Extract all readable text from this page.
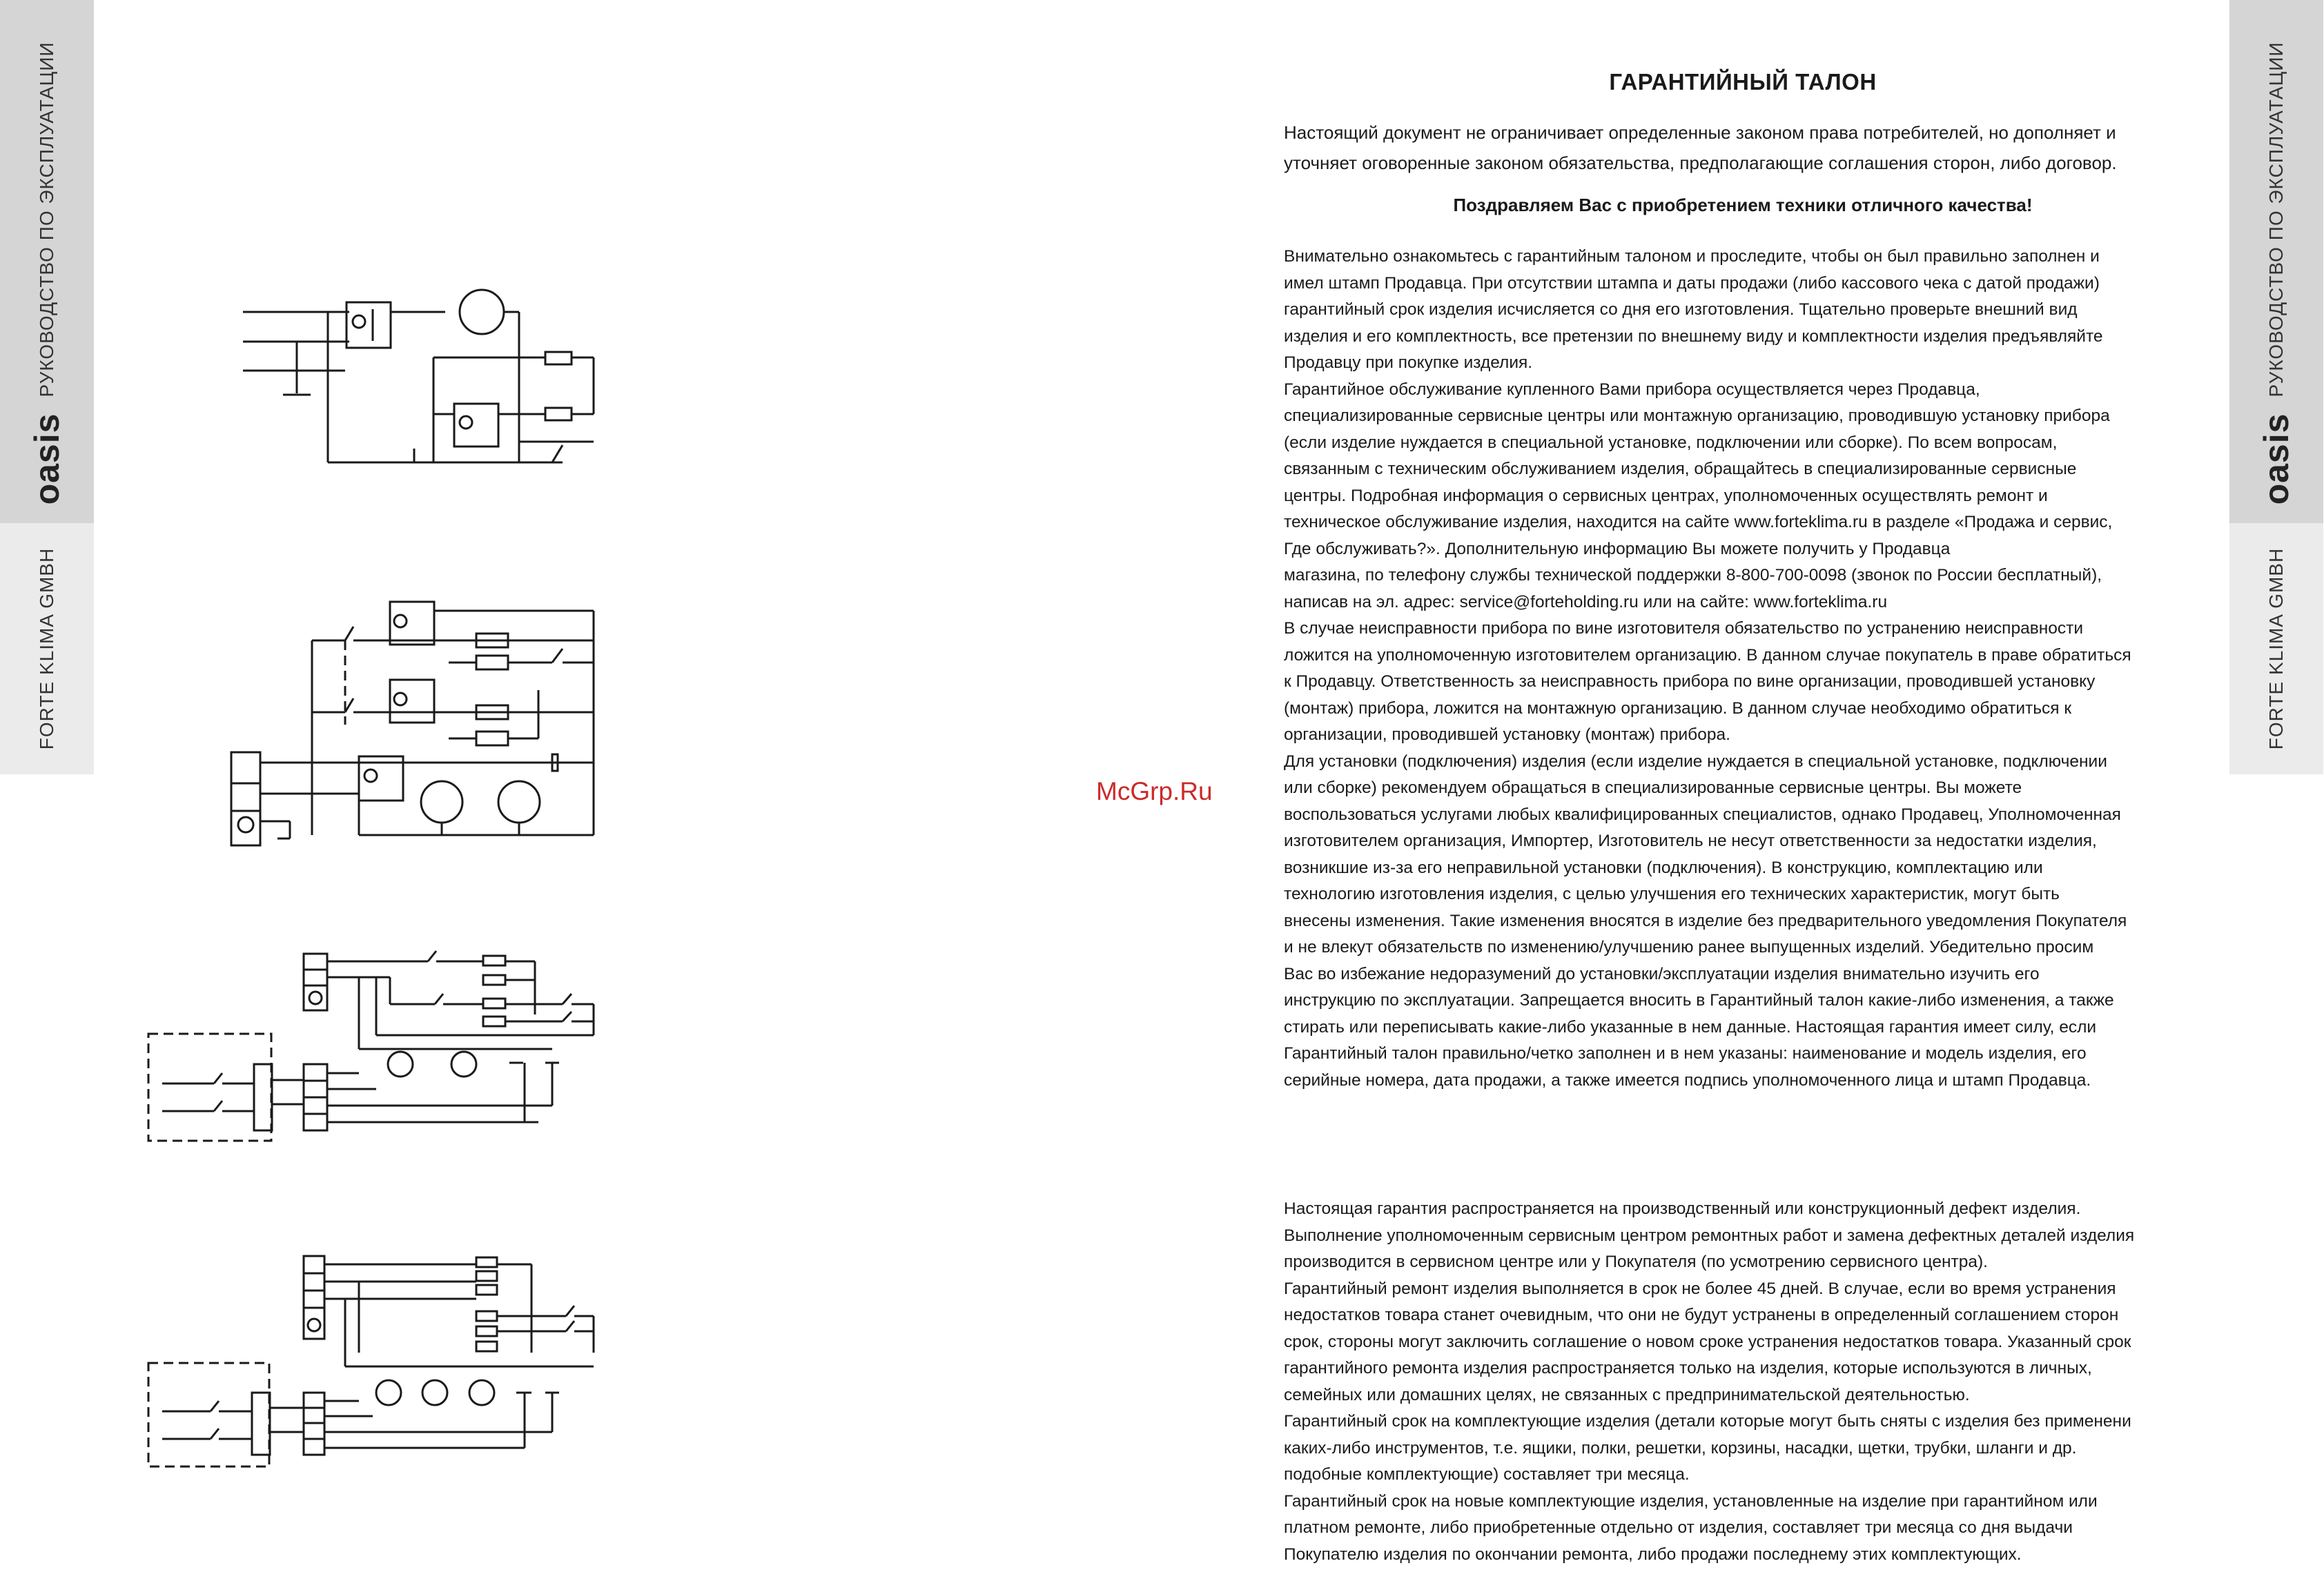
РУКОВОДСТВО ПО ЭКСПЛУАТАЦИИ
oasis
FORTE KLIMA GMBH
РУКОВОДСТВО ПО ЭКСПЛУАТАЦИИ
oasis
FORTE KLIMA GMBH
McGrp.Ru
ГАРАНТИЙНЫЙ ТАЛОН

Настоящий документ не ограничивает определенные законом права потребителей, но дополняет и уточняет оговоренные законом обязательства, предполагающие соглашения сторон, либо договор.

Поздравляем Вас с приобретением техники отличного качества!

Внимательно ознакомьтесь с гарантийным талоном и проследите, чтобы он был правильно заполнен и
имел штамп Продавца. При отсутствии штампа и даты продажи (либо кассового чека с датой продажи)
гарантийный срок изделия исчисляется со дня его изготовления. Тщательно проверьте внешний вид
изделия и его комплектность, все претензии по внешнему виду и комплектности изделия предъявляйте
Продавцу при покупке изделия.
Гарантийное обслуживание купленного Вами прибора осуществляется через Продавца,
специализированные сервисные центры или монтажную организацию, проводившую установку прибора
(если изделие нуждается в специальной установке, подключении или сборке). По всем вопросам,
связанным с техническим обслуживанием изделия, обращайтесь в специализированные сервисные
центры. Подробная информация о сервисных центрах, уполномоченных осуществлять ремонт и
техническое обслуживание изделия, находится на сайте www.forteklima.ru в разделе «Продажа и сервис,
Где обслуживать?». Дополнительную информацию Вы можете получить у Продавца
магазина, по телефону службы технической поддержки 8-800-700-0098 (звонок по России бесплатный),
написав на эл. адрес: service@forteholding.ru или на сайте: www.forteklima.ru
В случае неисправности прибора по вине изготовителя обязательство по устранению неисправности
ложится на уполномоченную изготовителем организацию. В данном случае покупатель в праве обратиться
к Продавцу. Ответственность за неисправность прибора по вине организации, проводившей установку
(монтаж) прибора, ложится на монтажную организацию. В данном случае необходимо обратиться к
организации, проводившей установку (монтаж) прибора.
Для установки (подключения) изделия (если изделие нуждается в специальной установке, подключении
или сборке) рекомендуем обращаться в специализированные сервисные центры. Вы можете
воспользоваться услугами любых квалифицированных специалистов, однако Продавец, Уполномоченная
изготовителем организация, Импортер, Изготовитель не несут ответственности за недостатки изделия,
возникшие из-за его неправильной установки (подключения). В конструкцию, комплектацию или
технологию изготовления изделия, с целью улучшения его технических характеристик, могут быть
внесены изменения. Такие изменения вносятся в изделие без предварительного уведомления Покупателя
и не влекут обязательств по изменению/улучшению ранее выпущенных изделий. Убедительно просим
Вас во избежание недоразумений до установки/эксплуатации изделия внимательно изучить его
инструкцию по эксплуатации. Запрещается вносить в Гарантийный талон какие-либо изменения, а также
стирать или переписывать какие-либо указанные в нем данные. Настоящая гарантия имеет силу, если
Гарантийный талон правильно/четко заполнен и в нем указаны: наименование и модель изделия, его
серийные номера, дата продажи, а также имеется подпись уполномоченного лица и штамп Продавца.

Настоящая гарантия распространяется на производственный или конструкционный дефект изделия.
Выполнение уполномоченным сервисным центром ремонтных работ и замена дефектных деталей изделия
производится в сервисном центре или у Покупателя (по усмотрению сервисного центра).
Гарантийный ремонт изделия выполняется в срок не более 45 дней. В случае, если во время устранения
недостатков товара станет очевидным, что они не будут устранены в определенный соглашением сторон
срок, стороны могут заключить соглашение о новом сроке устранения недостатков товара. Указанный срок
гарантийного ремонта изделия распространяется только на изделия, которые используются в личных,
семейных или домашних целях, не связанных с предпринимательской деятельностью.
Гарантийный срок на комплектующие изделия (детали которые могут быть сняты с изделия без применени
каких-либо инструментов, т.е. ящики, полки, решетки, корзины, насадки, щетки, трубки, шланги и др.
подобные комплектующие) составляет три месяца.
Гарантийный срок на новые комплектующие изделия, установленные на изделие при гарантийном или
платном ремонте, либо приобретенные отдельно от изделия, составляет три месяца со дня выдачи
Покупателю изделия по окончании ремонта, либо продажи последнему этих комплектующих.
